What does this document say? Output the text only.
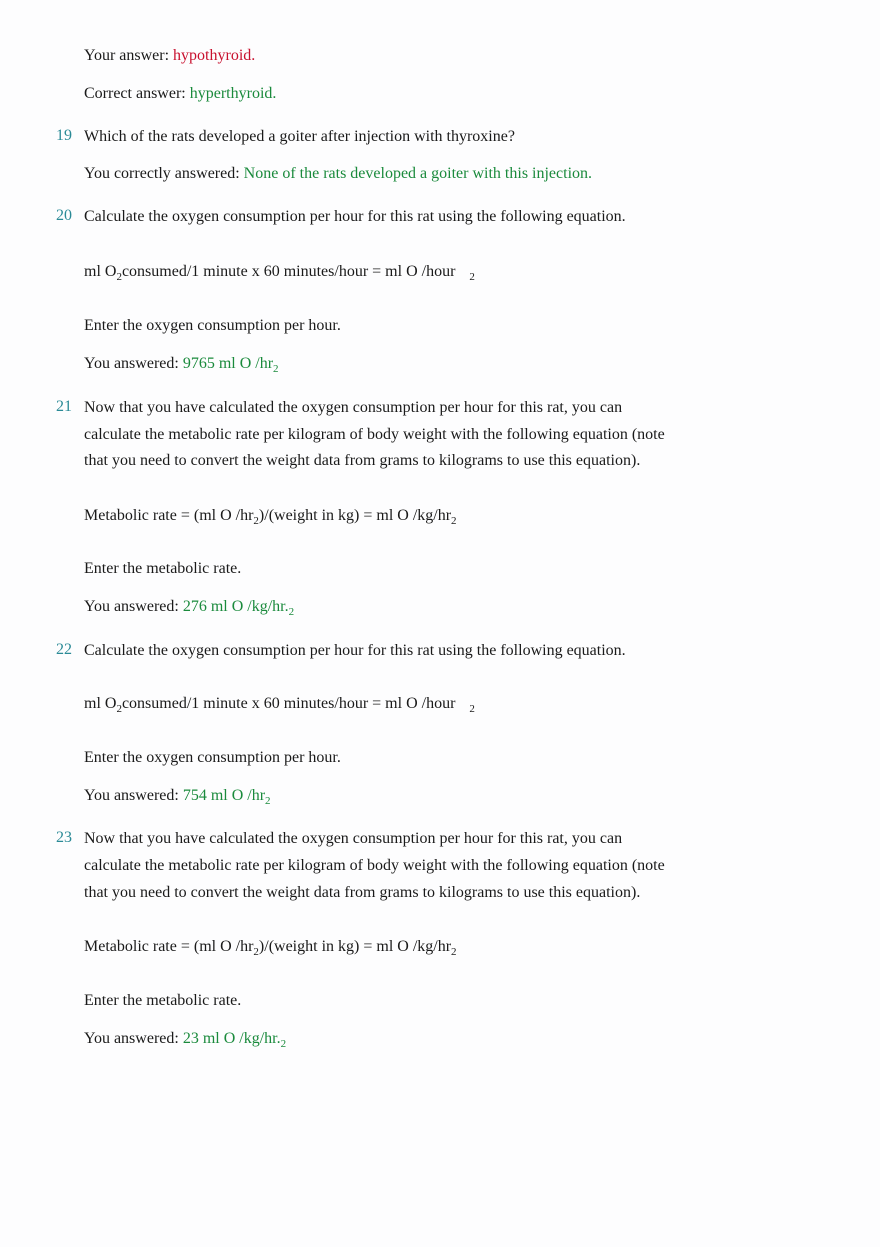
Your answer: hypothyroid.
Correct answer: hyperthyroid.
19 Which of the rats developed a goiter after injection with thyroxine?
You correctly answered: None of the rats developed a goiter with this injection.
20 Calculate the oxygen consumption per hour for this rat using the following equation.
ml $O_2consumed/1$ minute x 60 minutes/hour = ml O /hour $_2$
Enter the oxygen consumption per hour.
You answered: 9765 ml O $/hr_2$
21 Now that you have calculated the oxygen consumption per hour for this rat, you can
calculate the metabolic rate per kilogram of body weight with the following equation (note
that you need to convert the weight data from grams to kilograms to use this equation).
Metabolic rate = (ml O $/hr_2)/(weight$ in kg) = ml O $/kg/hr_2$
Enter the metabolic rate.
You answered: 276 ml O $/kg/hr._2$
22 Calculate the oxygen consumption per hour for this rat using the following equation.
ml $O_2consumed/1$ minute x 60 minutes/hour = ml O /hour $_2$
Enter the oxygen consumption per hour.
You answered: 754 ml O $/hr_2$
23 Now that you have calculated the oxygen consumption per hour for this rat, you can
calculate the metabolic rate per kilogram of body weight with the following equation (note
that you need to convert the weight data from grams to kilograms to use this equation).
Metabolic rate = (ml O $/hr_2)/(weight$ in kg) = ml O $/kg/hr_2$
Enter the metabolic rate.
You answered: 23 ml O $/kg/hr._2$
